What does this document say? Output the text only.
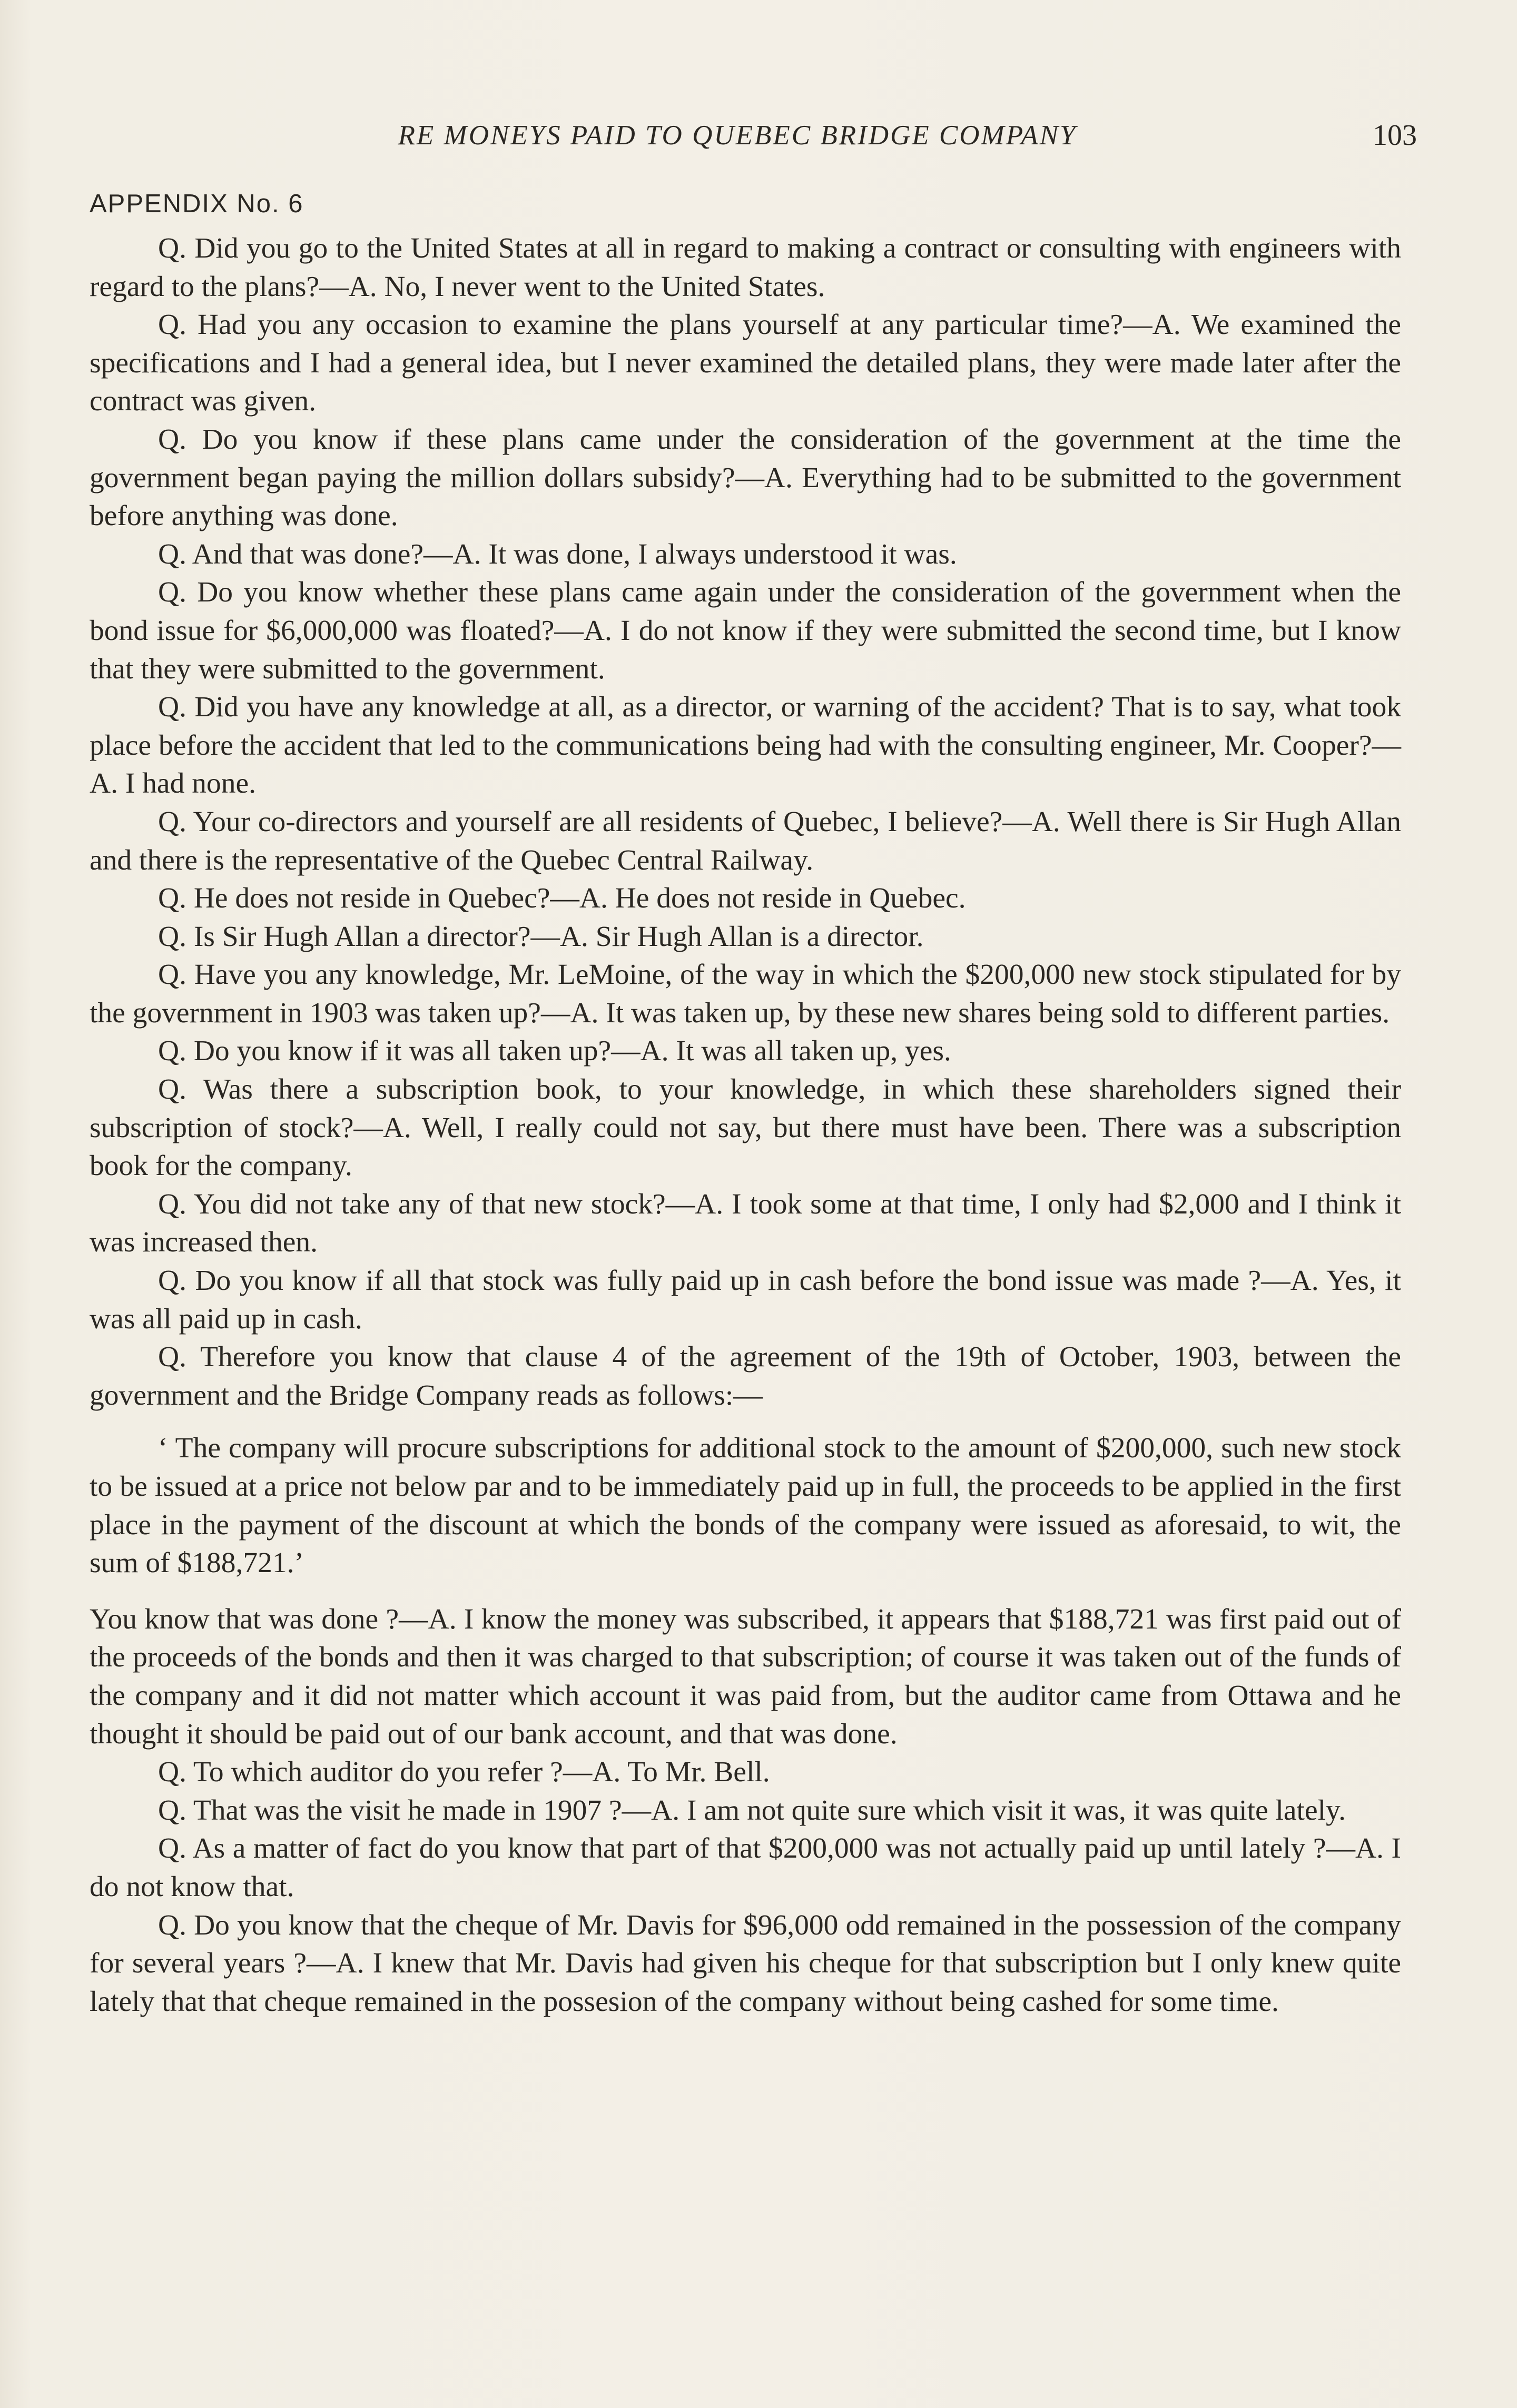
RE MONEYS PAID TO QUEBEC BRIDGE COMPANY	103
APPENDIX No. 6

Q. Did you go to the United States at all in regard to making a contract or consulting with engineers with regard to the plans?—A. No, I never went to the United States.

Q. Had you any occasion to examine the plans yourself at any particular time?—A. We examined the specifications and I had a general idea, but I never examined the detailed plans, they were made later after the contract was given.

Q. Do you know if these plans came under the consideration of the government at the time the government began paying the million dollars subsidy?—A. Everything had to be submitted to the government before anything was done.

Q. And that was done?—A. It was done, I always understood it was.

Q. Do you know whether these plans came again under the consideration of the government when the bond issue for $6,000,000 was floated?—A. I do not know if they were submitted the second time, but I know that they were submitted to the government.

Q. Did you have any knowledge at all, as a director, or warning of the accident? That is to say, what took place before the accident that led to the communications being had with the consulting engineer, Mr. Cooper?—A. I had none.

Q. Your co-directors and yourself are all residents of Quebec, I believe?—A. Well there is Sir Hugh Allan and there is the representative of the Quebec Central Railway.

Q. He does not reside in Quebec?—A. He does not reside in Quebec.

Q. Is Sir Hugh Allan a director?—A. Sir Hugh Allan is a director.

Q. Have you any knowledge, Mr. LeMoine, of the way in which the $200,000 new stock stipulated for by the government in 1903 was taken up?—A. It was taken up, by these new shares being sold to different parties.

Q. Do you know if it was all taken up?—A. It was all taken up, yes.

Q. Was there a subscription book, to your knowledge, in which these shareholders signed their subscription of stock?—A. Well, I really could not say, but there must have been. There was a subscription book for the company.

Q. You did not take any of that new stock?—A. I took some at that time, I only had $2,000 and I think it was increased then.

Q. Do you know if all that stock was fully paid up in cash before the bond issue was made ?—A. Yes, it was all paid up in cash.

Q. Therefore you know that clause 4 of the agreement of the 19th of October, 1903, between the government and the Bridge Company reads as follows:—

‘ The company will procure subscriptions for additional stock to the amount of $200,000, such new stock to be issued at a price not below par and to be immediately paid up in full, the proceeds to be applied in the first place in the payment of the discount at which the bonds of the company were issued as aforesaid, to wit, the sum of $188,721.’

You know that was done ?—A. I know the money was subscribed, it appears that $188,721 was first paid out of the proceeds of the bonds and then it was charged to that subscription; of course it was taken out of the funds of the company and it did not matter which account it was paid from, but the auditor came from Ottawa and he thought it should be paid out of our bank account, and that was done.

Q. To which auditor do you refer ?—A. To Mr. Bell.

Q. That was the visit he made in 1907 ?—A. I am not quite sure which visit it was, it was quite lately.

Q. As a matter of fact do you know that part of that $200,000 was not actually paid up until lately ?—A. I do not know that.

Q. Do you know that the cheque of Mr. Davis for $96,000 odd remained in the possession of the company for several years ?—A. I knew that Mr. Davis had given his cheque for that subscription but I only knew quite lately that that cheque remained in the possesion of the company without being cashed for some time.
